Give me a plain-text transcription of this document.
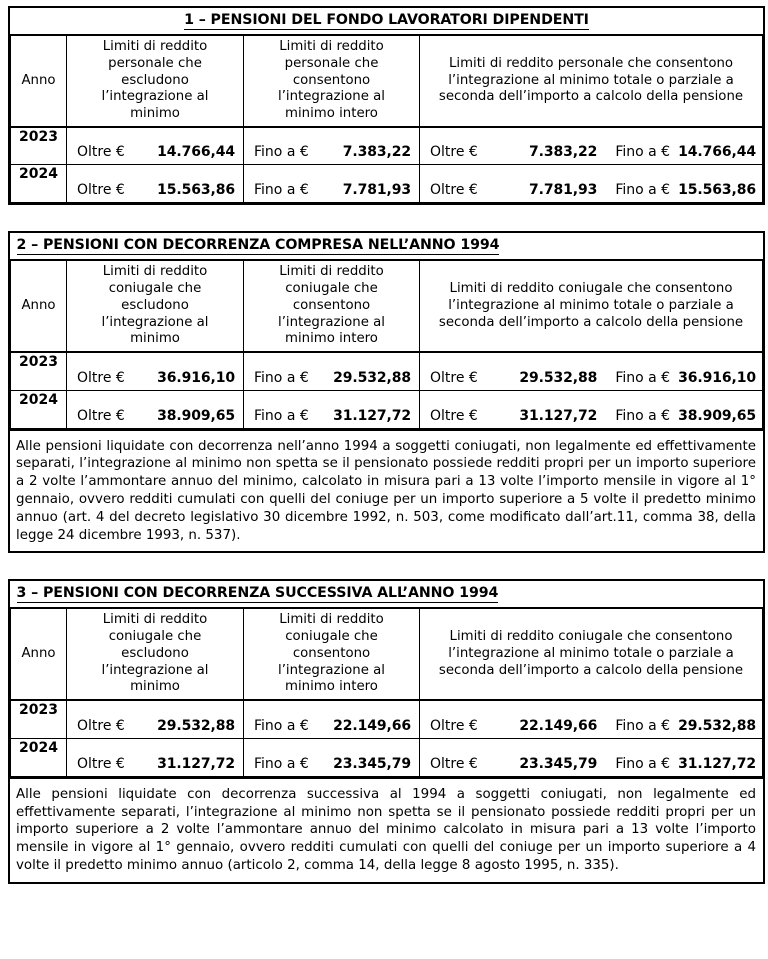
1 – PENSIONI DEL FONDO LAVORATORI DIPENDENTI			
Anno	Limiti di reddito
personale che
escludono
l’integrazione al
minimo	Limiti di reddito
personale che
consentono
l’integrazione al
minimo intero	Limiti di reddito personale che consentono l’integrazione al minimo totale o parziale a seconda dell’importo a calcolo della pensione
2023	Oltre € 14.766,44	Fino a € 7.383,22	Oltre € 7.383,22 Fino a € 14.766,44

2024	Oltre € 15.563,86	Fino a € 7.781,93	Oltre € 7.781,93 Fino a € 15.563,86
2 – PENSIONI CON DECORRENZA COMPRESA NELL’ANNO 1994			
Anno	Limiti di reddito
coniugale che
escludono
l’integrazione al
minimo	Limiti di reddito
coniugale che
consentono
l’integrazione al
minimo intero	Limiti di reddito coniugale che consentono l’integrazione al minimo totale o parziale a seconda dell’importo a calcolo della pensione
2023	Oltre € 36.916,10	Fino a € 29.532,88	Oltre € 29.532,88 Fino a € 36.916,10

2024	Oltre € 38.909,65	Fino a € 31.127,72	Oltre € 31.127,72 Fino a € 38.909,65
Alle pensioni liquidate con decorrenza nell’anno 1994 a soggetti coniugati, non legalmente ed effettivamente separati, l’integrazione al minimo non spetta se il pensionato possiede redditi propri per un importo superiore a 2 volte l’ammontare annuo del minimo, calcolato in misura pari a 13 volte l’importo mensile in vigore al 1° gennaio, ovvero redditi cumulati con quelli del coniuge per un importo superiore a 5 volte il predetto minimo annuo (art. 4 del decreto legislativo 30 dicembre 1992, n. 503, come modificato dall’art.11, comma 38, della legge 24 dicembre 1993, n. 537).
3 – PENSIONI CON DECORRENZA SUCCESSIVA ALL’ANNO 1994			
Anno	Limiti di reddito
coniugale che
escludono
l’integrazione al
minimo	Limiti di reddito
coniugale che
consentono
l’integrazione al
minimo intero	Limiti di reddito coniugale che consentono l’integrazione al minimo totale o parziale a seconda dell’importo a calcolo della pensione
2023	Oltre € 29.532,88	Fino a € 22.149,66	Oltre € 22.149,66 Fino a € 29.532,88

2024	Oltre € 31.127,72	Fino a € 23.345,79	Oltre € 23.345,79 Fino a € 31.127,72
Alle pensioni liquidate con decorrenza successiva al 1994 a soggetti coniugati, non legalmente ed effettivamente separati, l’integrazione al minimo non spetta se il pensionato possiede redditi propri per un importo superiore a 2 volte l’ammontare annuo del minimo calcolato in misura pari a 13 volte l’importo mensile in vigore al 1° gennaio, ovvero redditi cumulati con quelli del coniuge per un importo superiore a 4 volte il predetto minimo annuo (articolo 2, comma 14, della legge 8 agosto 1995, n. 335).
